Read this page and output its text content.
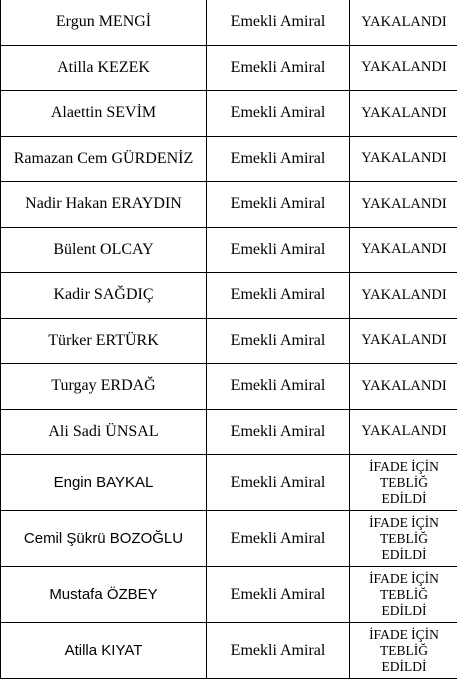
Ergun MENGİ	Emekli Amiral	YAKALANDI
Atilla KEZEK	Emekli Amiral	YAKALANDI
Alaettin SEVİM	Emekli Amiral	YAKALANDI
Ramazan Cem GÜRDENİZ	Emekli Amiral	YAKALANDI
Nadir Hakan ERAYDIN	Emekli Amiral	YAKALANDI
Bülent OLCAY	Emekli Amiral	YAKALANDI
Kadir SAĞDIÇ	Emekli Amiral	YAKALANDI
Türker ERTÜRK	Emekli Amiral	YAKALANDI
Turgay ERDAĞ	Emekli Amiral	YAKALANDI
Ali Sadi ÜNSAL	Emekli Amiral	YAKALANDI
Engin BAYKAL	Emekli Amiral	İFADE İÇİN
TEBLİĞ
EDİLDİ

Cemil Şükrü BOZOĞLU	Emekli Amiral	İFADE İÇİN
TEBLİĞ
EDİLDİ

Mustafa ÖZBEY	Emekli Amiral	İFADE İÇİN
TEBLİĞ
EDİLDİ

Atilla KIYAT	Emekli Amiral	İFADE İÇİN
TEBLİĞ
EDİLDİ
